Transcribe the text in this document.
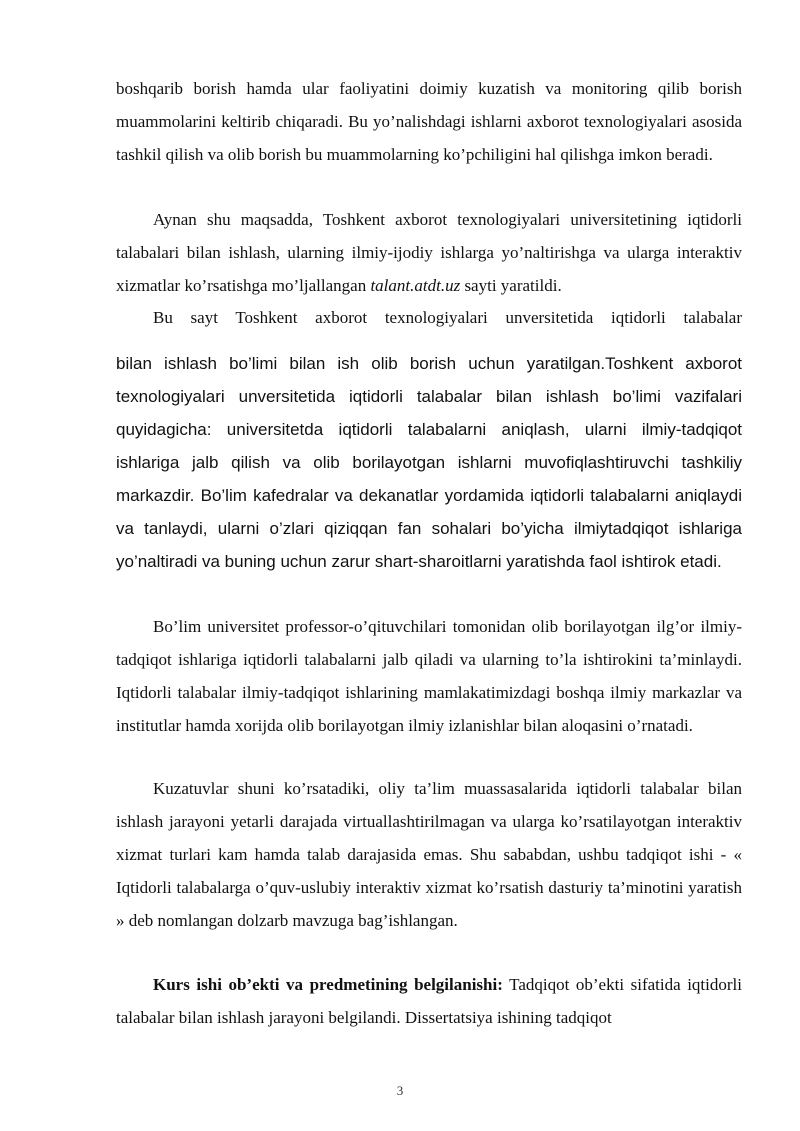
boshqarib borish hamda ular faoliyatini doimiy kuzatish va monitoring qilib borish muammolarini keltirib chiqaradi. Bu yo’nalishdagi ishlarni axborot texnologiyalari asosida tashkil qilish va olib borish bu muammolarning ko’pchiligini hal qilishga imkon beradi.

Aynan shu maqsadda, Toshkent axborot texnologiyalari universitetining iqtidorli talabalari bilan ishlash, ularning ilmiy-ijodiy ishlarga yo’naltirishga va ularga interaktiv xizmatlar ko’rsatishga mo’ljallangan talant.atdt.uz sayti yaratildi.

Bu sayt Toshkent axborot texnologiyalari unversitetida iqtidorli talabalar

bilan ishlash bo’limi bilan ish olib borish uchun yaratilgan.Toshkent axborot texnologiyalari unversitetida iqtidorli talabalar bilan ishlash bo’limi vazifalari quyidagicha: universitetda iqtidorli talabalarni aniqlash, ularni ilmiy-tadqiqot ishlariga jalb qilish va olib borilayotgan ishlarni muvofiqlashtiruvchi tashkiliy markazdir. Bo’lim kafedralar va dekanatlar yordamida iqtidorli talabalarni aniqlaydi va tanlaydi, ularni o’zlari qiziqqan fan sohalari bo’yicha ilmiytadqiqot ishlariga yo’naltiradi va buning uchun zarur shart-sharoitlarni yaratishda faol ishtirok etadi.

Bo’lim universitet professor-o’qituvchilari tomonidan olib borilayotgan ilg’or ilmiy-tadqiqot ishlariga iqtidorli talabalarni jalb qiladi va ularning to’la ishtirokini ta’minlaydi. Iqtidorli talabalar ilmiy-tadqiqot ishlarining mamlakatimizdagi boshqa ilmiy markazlar va institutlar hamda xorijda olib borilayotgan ilmiy izlanishlar bilan aloqasini o’rnatadi.

Kuzatuvlar shuni ko’rsatadiki, oliy ta’lim muassasalarida iqtidorli talabalar bilan ishlash jarayoni yetarli darajada virtuallashtirilmagan va ularga ko’rsatilayotgan interaktiv xizmat turlari kam hamda talab darajasida emas. Shu sababdan, ushbu tadqiqot ishi - « Iqtidorli talabalarga o’quv-uslubiy interaktiv xizmat ko’rsatish dasturiy ta’minotini yaratish » deb nomlangan dolzarb mavzuga bag’ishlangan.

Kurs ishi ob’ekti va predmetining belgilanishi: Tadqiqot ob’ekti sifatida iqtidorli talabalar bilan ishlash jarayoni belgilandi. Dissertatsiya ishining tadqiqot

3
